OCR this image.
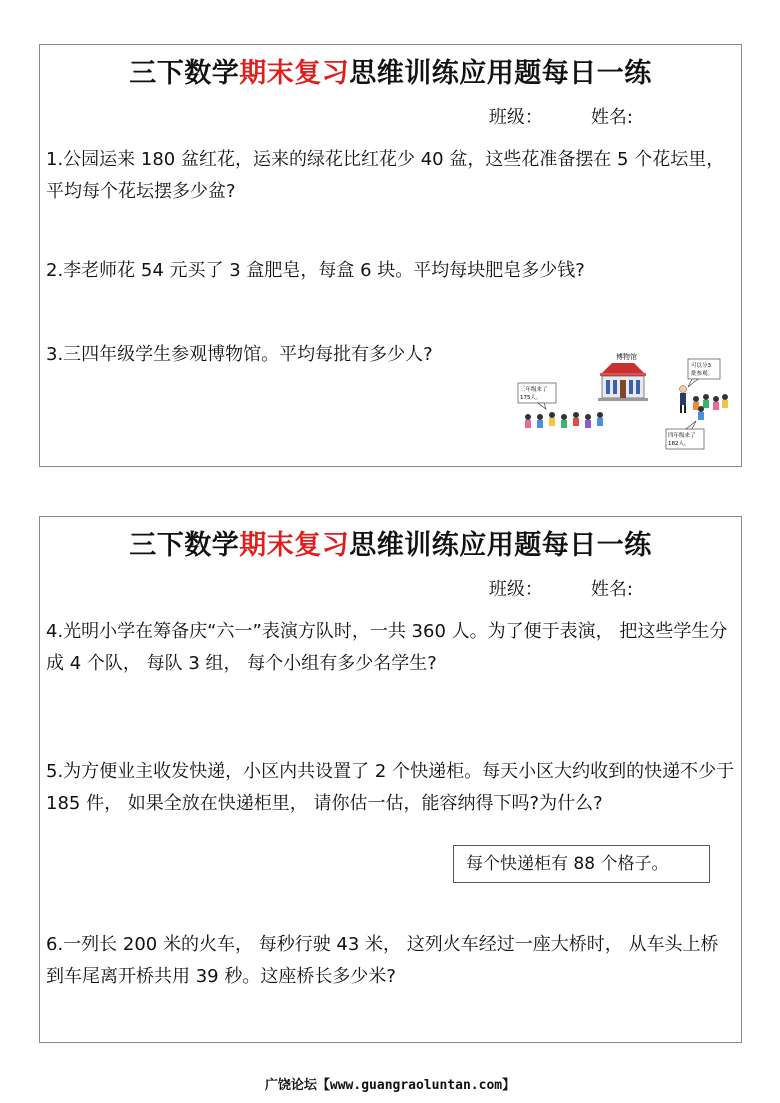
三下数学期末复习思维训练应用题每日一练
班级：	姓名:
1.公园运来 180 盆红花，运来的绿花比红花少 40 盆，这些花准备摆在 5 个花坛里， 平均每个花坛摆多少盆?
2.李老师花 54 元买了 3 盒肥皂，每盒 6 块。平均每块肥皂多少钱?
3.三四年级学生参观博物馆。平均每批有多少人?	博物馆
三年级来了
175人。
可以分3
批参观。
四年级来了
182人。
三下数学期末复习思维训练应用题每日一练
班级：	姓名:
4.光明小学在筹备庆“六一”表演方队时，一共 360 人。为了便于表演， 把这些学生分成 4 个队， 每队 3 组， 每个小组有多少名学生?
5.为方便业主收发快递，小区内共设置了 2 个快递柜。每天小区大约收到的快递不少于 185 件， 如果全放在快递柜里， 请你估一估，能容纳得下吗?为什么?
每个快递柜有 88 个格子。
6.一列长 200 米的火车， 每秒行驶 43 米， 这列火车经过一座大桥时， 从车头上桥到车尾离开桥共用 39 秒。这座桥长多少米?
广饶论坛【www.guangraoluntan.com】
